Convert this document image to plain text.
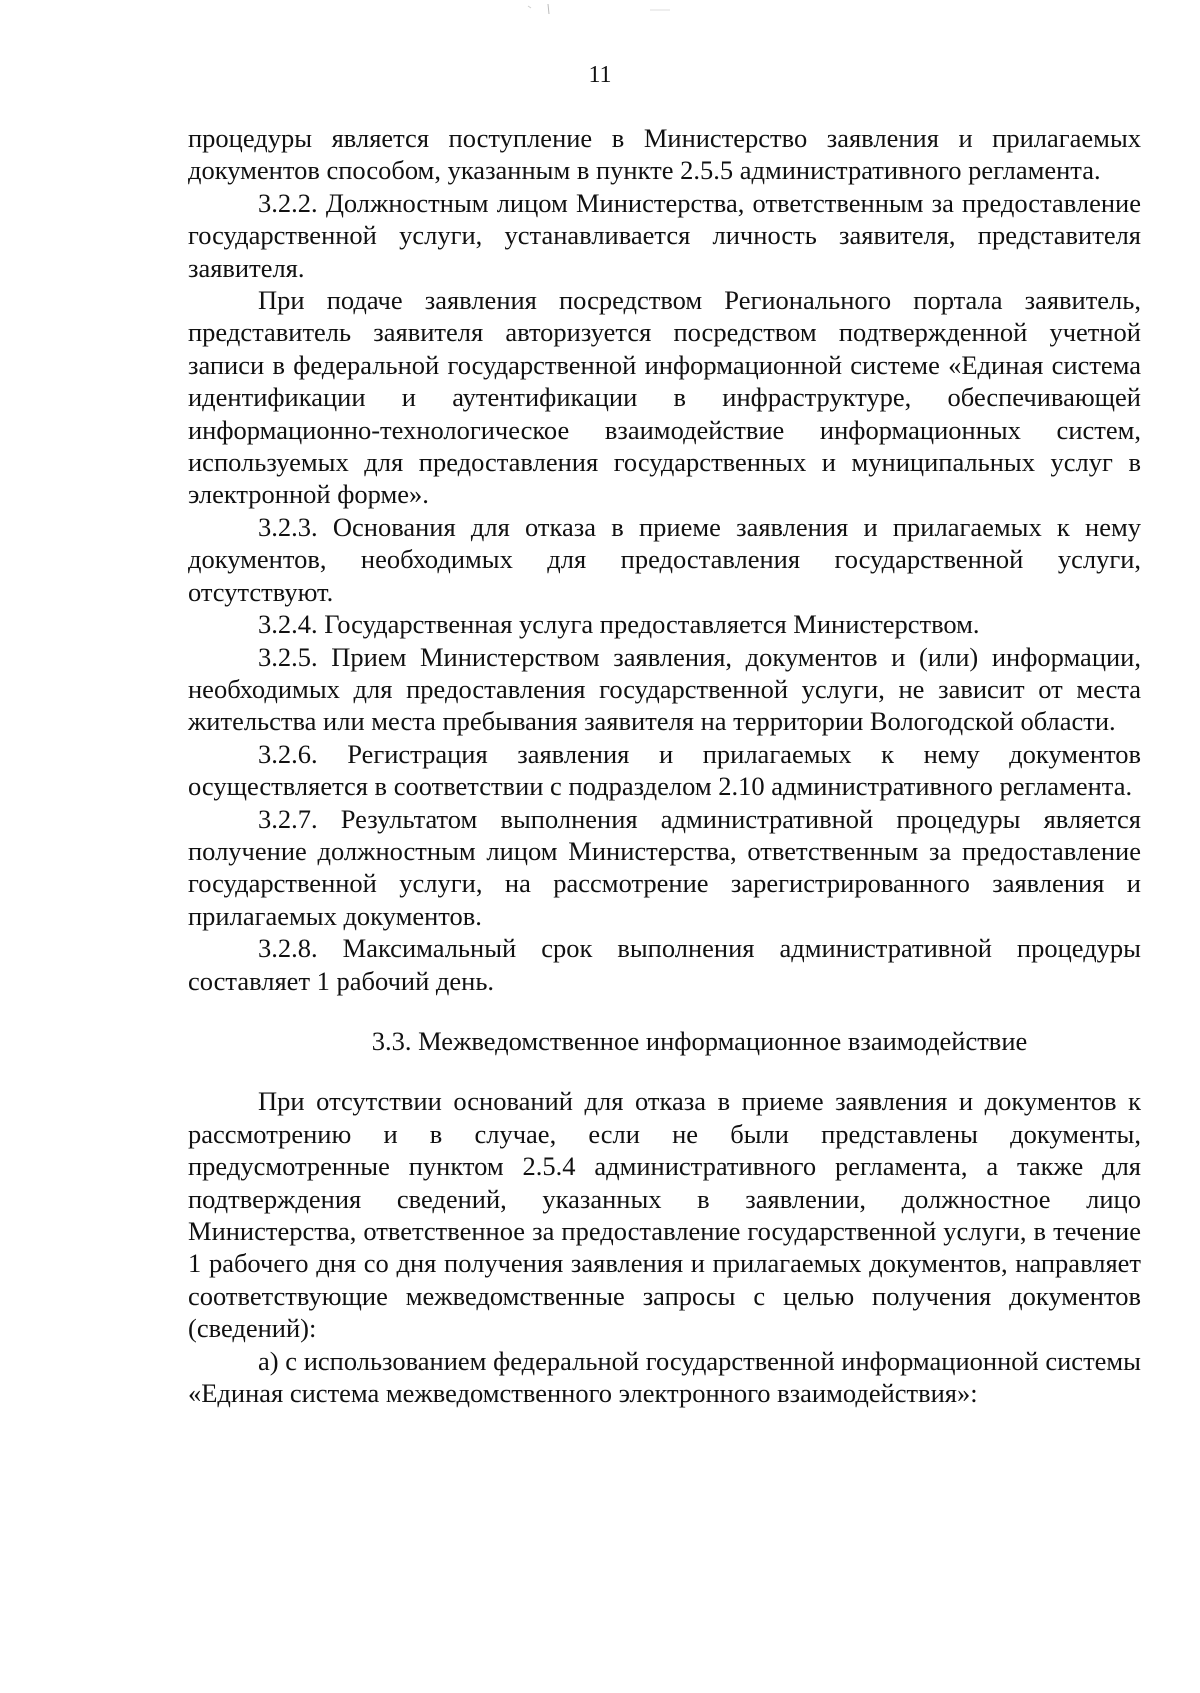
11

процедуры является поступление в Министерство заявления и прилагаемых документов способом, указанным в пункте 2.5.5 административного регламента.

3.2.2. Должностным лицом Министерства, ответственным за предоставление государственной услуги, устанавливается личность заявителя, представителя заявителя.

При подаче заявления посредством Регионального портала заявитель, представитель заявителя авторизуется посредством подтвержденной учетной записи в федеральной государственной информационной системе «Единая система идентификации и аутентификации в инфраструктуре, обеспечивающей информационно-технологическое взаимодействие информационных систем, используемых для предоставления государственных и муниципальных услуг в электронной форме».

3.2.3. Основания для отказа в приеме заявления и прилагаемых к нему документов, необходимых для предоставления государственной услуги, отсутствуют.

3.2.4. Государственная услуга предоставляется Министерством.

3.2.5. Прием Министерством заявления, документов и (или) информации, необходимых для предоставления государственной услуги, не зависит от места жительства или места пребывания заявителя на территории Вологодской области.

3.2.6. Регистрация заявления и прилагаемых к нему документов осуществляется в соответствии с подразделом 2.10 административного регламента.

3.2.7. Результатом выполнения административной процедуры является получение должностным лицом Министерства, ответственным за предоставление государственной услуги, на рассмотрение зарегистрированного заявления и прилагаемых документов.

3.2.8. Максимальный срок выполнения административной процедуры составляет 1 рабочий день.

3.3. Межведомственное информационное взаимодействие

При отсутствии оснований для отказа в приеме заявления и документов к рассмотрению и в случае, если не были представлены документы, предусмотренные пунктом 2.5.4 административного регламента, а также для подтверждения сведений, указанных в заявлении, должностное лицо Министерства, ответственное за предоставление государственной услуги, в течение 1 рабочего дня со дня получения заявления и прилагаемых документов, направляет соответствующие межведомственные запросы с целью получения документов (сведений):

а) с использованием федеральной государственной информационной системы «Единая система межведомственного электронного взаимодействия»:
